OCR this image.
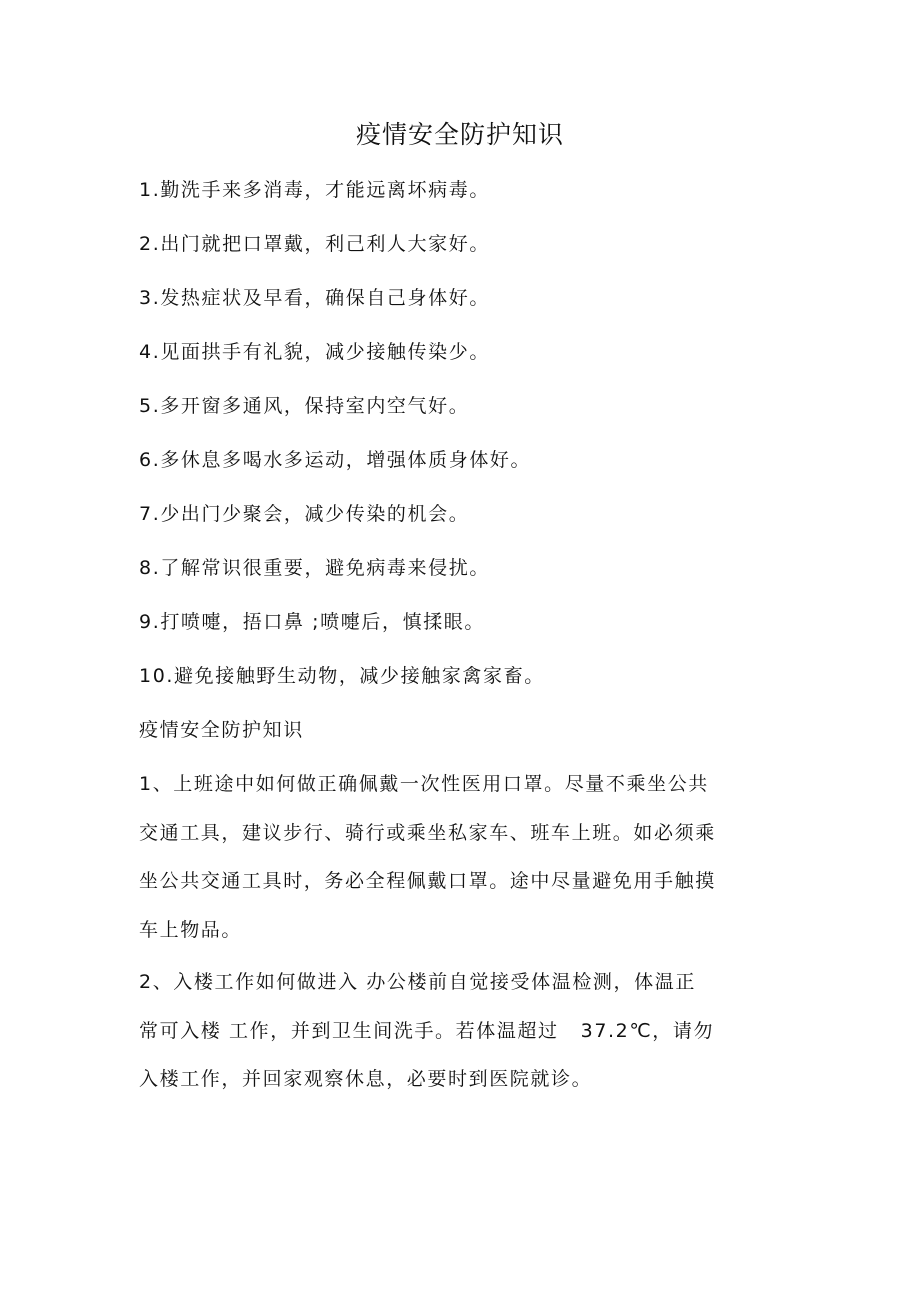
疫情安全防护知识
1.勤洗手来多消毒，才能远离坏病毒。
2.出门就把口罩戴，利己利人大家好。
3.发热症状及早看，确保自己身体好。
4.见面拱手有礼貌，减少接触传染少。
5.多开窗多通风，保持室内空气好。
6.多休息多喝水多运动，增强体质身体好。
7.少出门少聚会，减少传染的机会。
8.了解常识很重要，避免病毒来侵扰。
9.打喷嚏，捂口鼻 ;喷嚏后，慎揉眼。
10.避免接触野生动物，减少接触家禽家畜。

疫情安全防护知识

1、上班途中如何做正确佩戴一次性医用口罩。尽量不乘坐公共
交通工具，建议步行、骑行或乘坐私家车、班车上班。如必须乘
坐公共交通工具时，务必全程佩戴口罩。途中尽量避免用手触摸
车上物品。

2、入楼工作如何做进入 办公楼前自觉接受体温检测，体温正
常可入楼 工作，并到卫生间洗手。若体温超过 37.2℃，请勿
入楼工作，并回家观察休息，必要时到医院就诊。
